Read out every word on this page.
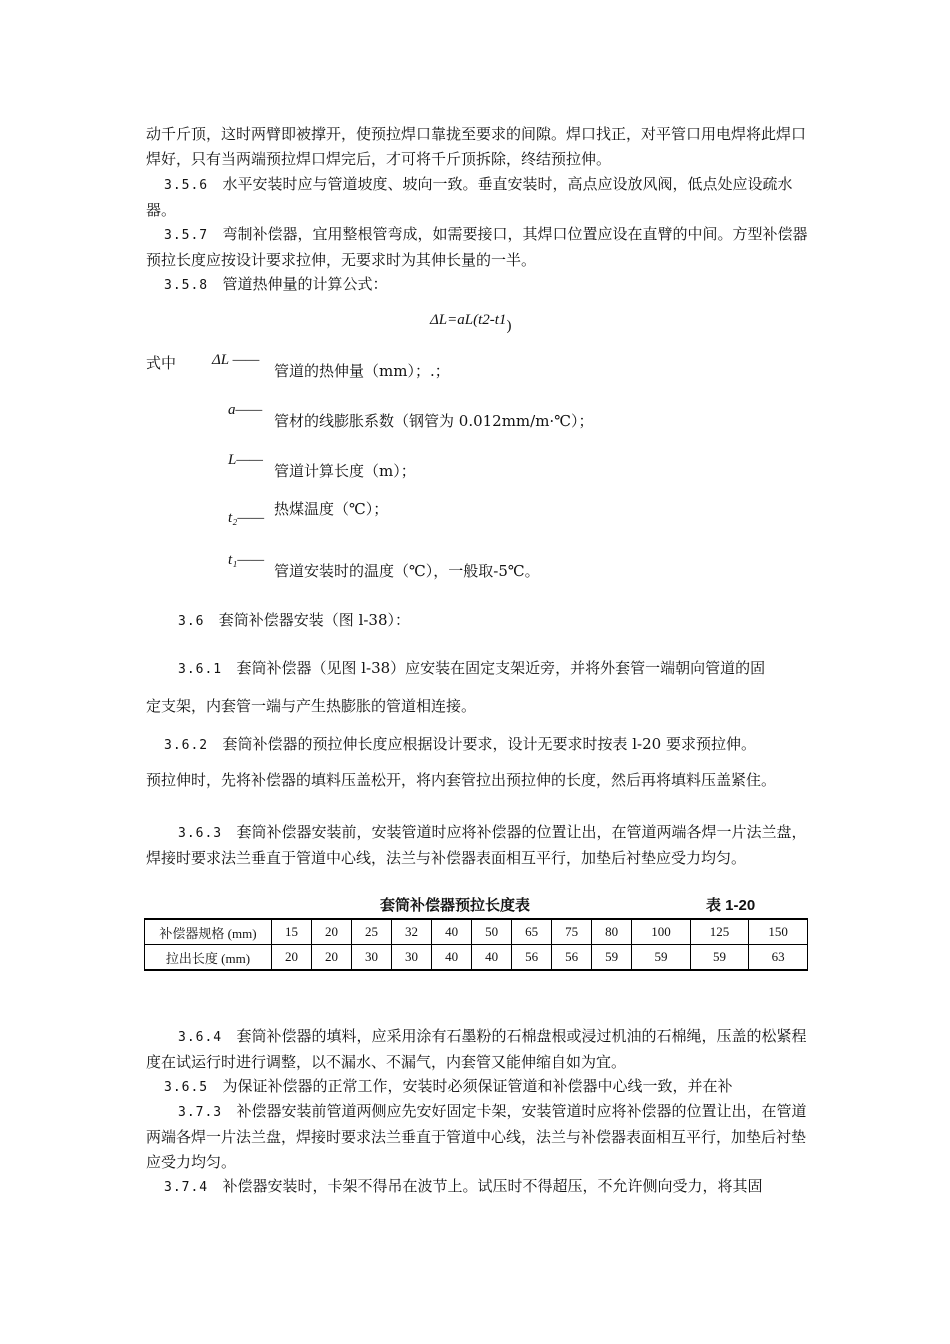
动千斤顶，这时两臂即被撑开，使预拉焊口靠拢至要求的间隙。焊口找正，对平管口用电焊将此焊口焊好，只有当两端预拉焊口焊完后，才可将千斤顶拆除，终结预拉伸。

3.5.6 水平安装时应与管道坡度、坡向一致。垂直安装时，高点应设放风阀，低点处应设疏水器。

3.5.7 弯制补偿器，宜用整根管弯成，如需要接口，其焊口位置应设在直臂的中间。方型补偿器预拉长度应按设计要求拉伸，无要求时为其伸长量的一半。

3.5.8 管道热伸量的计算公式：

ΔL=aL(t2-t1)
式中 ΔL ——
管道的热伸量（mm）；.；
a——
管材的线膨胀系数（钢管为 0.012mm/m·℃）；
L——
管道计算长度（m）；
t₂—— 热煤温度（℃）；
t₁——
管道安装时的温度（℃），一般取-5℃。

3.6 套筒补偿器安装（图 l-38）：

3.6.1 套筒补偿器（见图 l-38）应安装在固定支架近旁，并将外套管一端朝向管道的固

定支架，内套管一端与产生热膨胀的管道相连接。

3.6.2 套筒补偿器的预拉伸长度应根据设计要求，设计无要求时按表 l-20 要求预拉伸。

预拉伸时，先将补偿器的填料压盖松开，将内套管拉出预拉伸的长度，然后再将填料压盖紧住。

3.6.3 套筒补偿器安装前，安装管道时应将补偿器的位置让出，在管道两端各焊一片法兰盘，焊接时要求法兰垂直于管道中心线，法兰与补偿器表面相互平行，加垫后衬垫应受力均匀。

套筒补偿器预拉长度表	表 1-20
补偿器规格 (mm)	15	20	25	32	40	50	65	75	80	100	125	150
拉出长度 (mm)	20	20	30	30	40	40	56	56	59	59	59	63

3.6.4 套筒补偿器的填料，应采用涂有石墨粉的石棉盘根或浸过机油的石棉绳，压盖的松紧程度在试运行时进行调整，以不漏水、不漏气，内套管又能伸缩自如为宜。

3.6.5 为保证补偿器的正常工作，安装时必须保证管道和补偿器中心线一致，并在补

3.7.3 补偿器安装前管道两侧应先安好固定卡架，安装管道时应将补偿器的位置让出，在管道两端各焊一片法兰盘，焊接时要求法兰垂直于管道中心线，法兰与补偿器表面相互平行，加垫后衬垫应受力均匀。

3.7.4 补偿器安装时，卡架不得吊在波节上。试压时不得超压，不允许侧向受力，将其固
